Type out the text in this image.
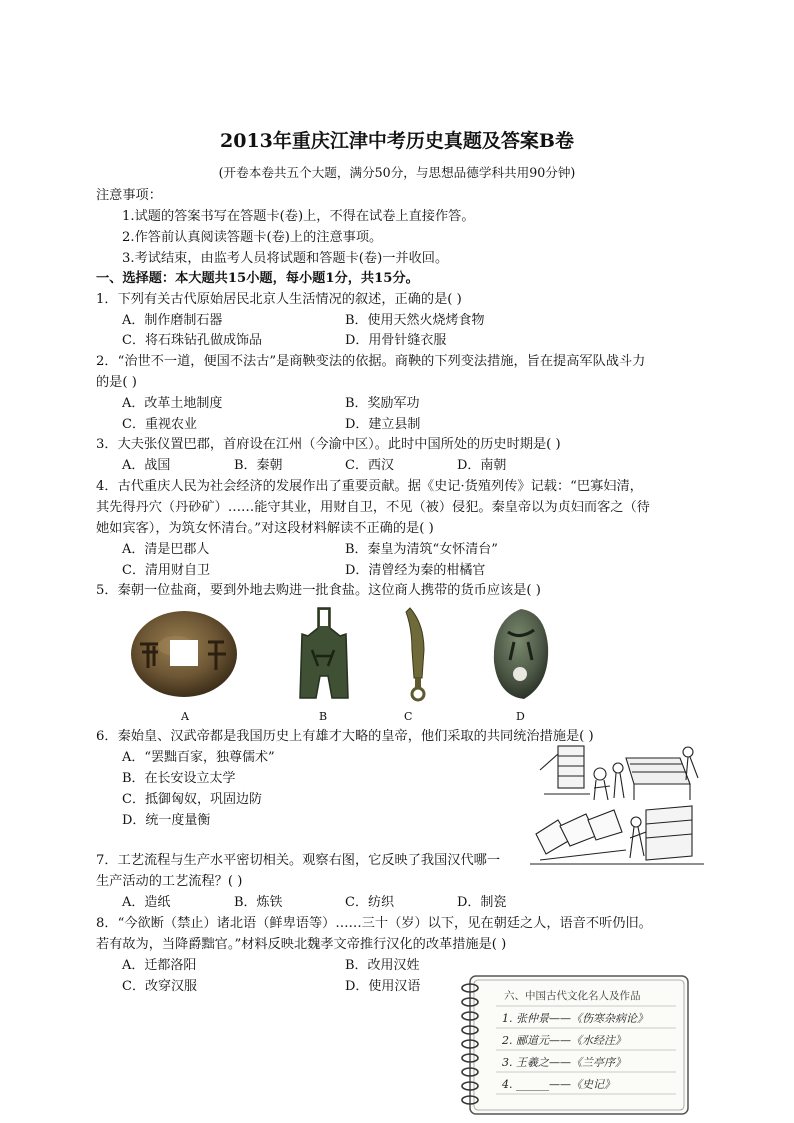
2013年重庆江津中考历史真题及答案B卷
(开卷本卷共五个大题，满分50分，与思想品德学科共用90分钟)
注意事项：
1.试题的答案书写在答题卡(卷)上，不得在试卷上直接作答。
2.作答前认真阅读答题卡(卷)上的注意事项。
3.考试结束，由监考人员将试题和答题卡(卷)一并收回。
一、选择题：本大题共15小题，每小题1分，共15分。
1．下列有关古代原始居民北京人生活情况的叙述，正确的是( )
A．制作磨制石器	B．使用天然火烧烤食物
C．将石珠钻孔做成饰品	D．用骨针缝衣服
2．“治世不一道，便国不法古”是商鞅变法的依据。商鞅的下列变法措施，旨在提高军队战斗力
的是( )
A．改革土地制度	B．奖励军功
C．重视农业	D．建立县制
3．大夫张仪置巴郡，首府设在江州（今渝中区）。此时中国所处的历史时期是( )
A．战国	B．秦朝	C．西汉	D．南朝
4．古代重庆人民为社会经济的发展作出了重要贡献。据《史记·货殖列传》记载：“巴寡妇清，
其先得丹穴（丹砂矿）……能守其业，用财自卫，不见（被）侵犯。秦皇帝以为贞妇而客之（待
她如宾客），为筑女怀清台。”对这段材料解读不正确的是( )
A．清是巴郡人	B．秦皇为清筑“女怀清台”
C．清用财自卫	D．清曾经为秦的柑橘官
5．秦朝一位盐商，要到外地去购进一批食盐。这位商人携带的货币应该是( )
A	B	C	D
6．秦始皇、汉武帝都是我国历史上有雄才大略的皇帝，他们采取的共同统治措施是( )
A．“罢黜百家，独尊儒术”
B．在长安设立太学
C．抵御匈奴，巩固边防
D．统一度量衡
7．工艺流程与生产水平密切相关。观察右图，它反映了我国汉代哪一
生产活动的工艺流程？( )
A．造纸	B．炼铁	C．纺织	D．制瓷
8．“今欲断（禁止）诸北语（鲜卑语等）……三十（岁）以下，见在朝廷之人，语音不听仍旧。
若有故为，当降爵黜官。”材料反映北魏孝文帝推行汉化的改革措施是( )
A．迁都洛阳	B．改用汉姓
C．改穿汉服	D．使用汉语
六、中国古代文化名人及作品
1. 张仲景——《伤寒杂病论》
2. 郦道元——《水经注》
3. 王羲之——《兰亭序》
4. ______——《史记》
